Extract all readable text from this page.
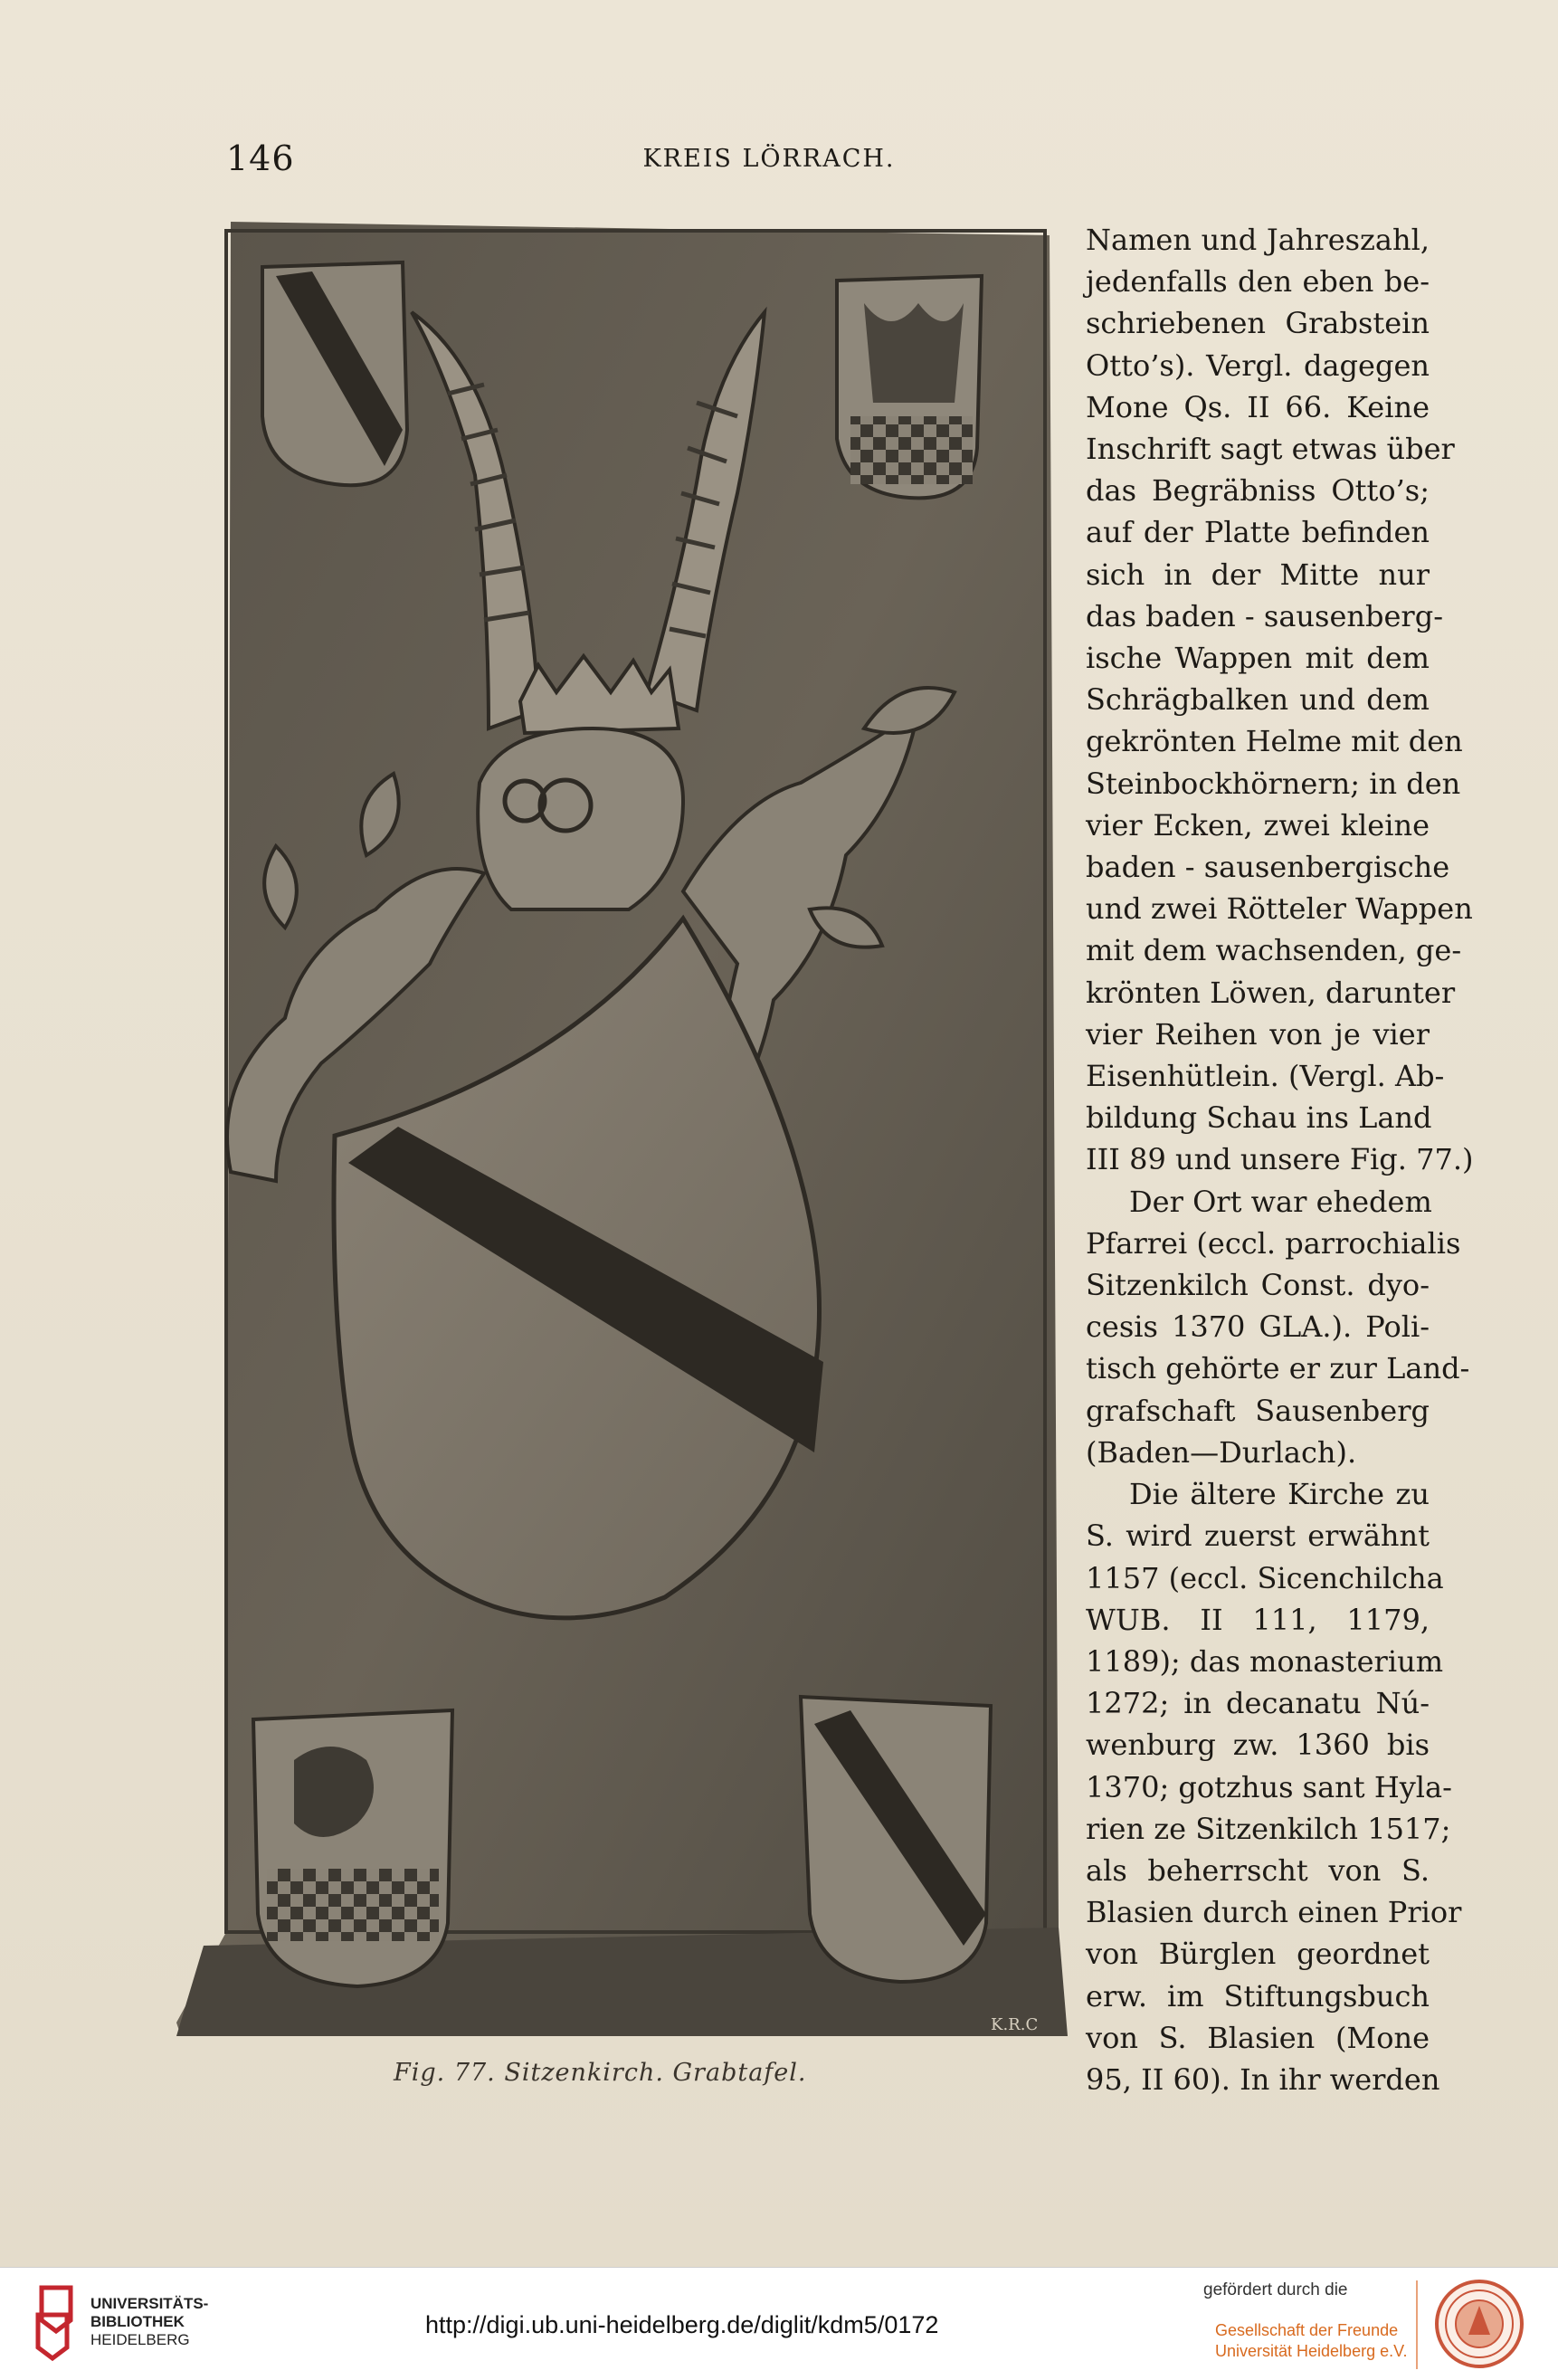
146	KREIS LÖRRACH.
K.R.C
Fig. 77. Sitzenkirch. Grabtafel.
Namen und Jahreszahl,
jedenfalls den eben be-
schriebenen Grabstein
Otto’s). Vergl. dagegen
Mone Qs. II 66. Keine
Inschrift sagt etwas über
das Begräbniss Otto’s;
auf der Platte befinden
sich in der Mitte nur
das baden - sausenberg-
ische Wappen mit dem
Schrägbalken und dem
gekrönten Helme mit den
Steinbockhörnern; in den
vier Ecken, zwei kleine
baden - sausenbergische
und zwei Rötteler Wappen
mit dem wachsenden, ge-
krönten Löwen, darunter
vier Reihen von je vier
Eisenhütlein. (Vergl. Ab-
bildung Schau ins Land
III 89 und unsere Fig. 77.)
Der Ort war ehedem
Pfarrei (eccl. parrochialis
Sitzenkilch Const. dyo-
cesis 1370 GLA.). Poli-
tisch gehörte er zur Land-
grafschaft Sausenberg
(Baden—Durlach).
Die ältere Kirche zu
S. wird zuerst erwähnt
1157 (eccl. Sicenchilcha
WUB. II 111, 1179,
1189); das monasterium
1272; in decanatu Nú-
wenburg zw. 1360 bis
1370; gotzhus sant Hyla-
rien ze Sitzenkilch 1517;
als beherrscht von S.
Blasien durch einen Prior
von Bürglen geordnet
erw. im Stiftungsbuch
von S. Blasien (Mone
95, II 60). In ihr werden
UNIVERSITÄTS-
BIBLIOTHEK
HEIDELBERG
http://digi.ub.uni-heidelberg.de/diglit/kdm5/0172
gefördert durch die
Gesellschaft der Freunde
Universität Heidelberg e.V.
